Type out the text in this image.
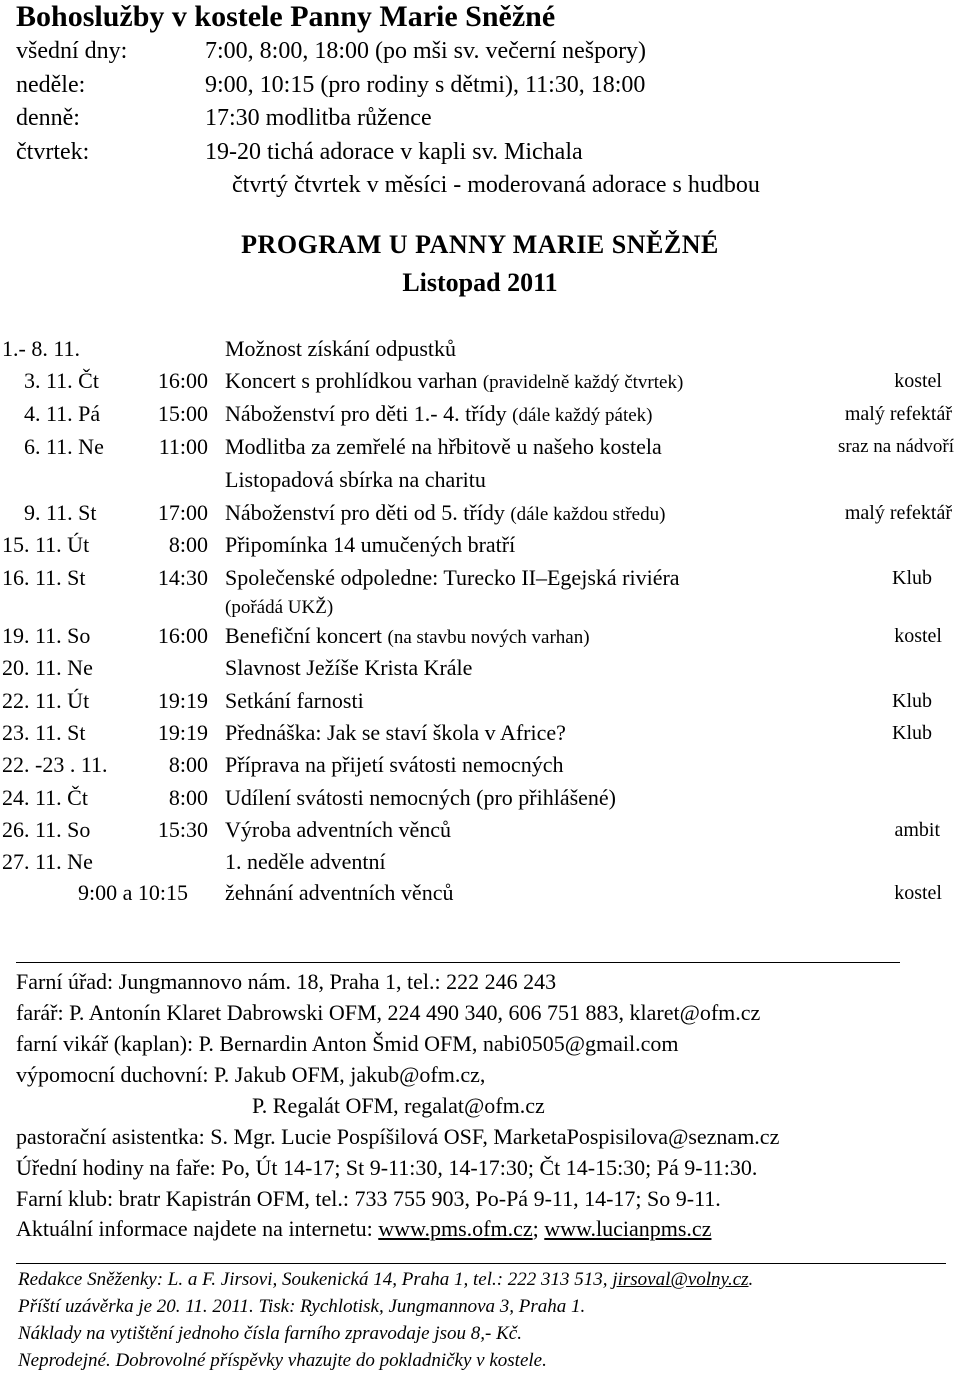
Bohoslužby v kostele Panny Marie Sněžné
všední dny:	7:00, 8:00, 18:00 (po mši sv. večerní nešpory)
neděle:	9:00, 10:15 (pro rodiny s dětmi), 11:30, 18:00
denně:	17:30 modlitba růžence
čtvrtek:	19-20 tichá adorace v kapli sv. Michala
čtvrtý čtvrtek v měsíci - moderovaná adorace s hudbou
PROGRAM U PANNY MARIE SNĚŽNÉ
Listopad 2011
1.- 8. 11.	Možnost získání odpustků
3. 11. Čt	16:00 Koncert s prohlídkou varhan (pravidelně každý čtvrtek)	kostel
4. 11. Pá	15:00 Náboženství pro děti 1.- 4. třídy (dále každý pátek)	malý refektář
6. 11. Ne 11:00 Modlitba za zemřelé na hřbitově u našeho kostela	sraz na nádvoří
Listopadová sbírka na charitu
9. 11. St	17:00 Náboženství pro děti od 5. třídy (dále každou středu)	malý refektář
15. 11. Út	8:00 Připomínka 14 umučených bratří
16. 11. St	14:30 Společenské odpoledne: Turecko II–Egejská riviéra	Klub
(pořádá UKŽ)
19. 11. So	16:00 Benefiční koncert (na stavbu nových varhan)	kostel
20. 11. Ne	Slavnost Ježíše Krista Krále
22. 11. Út	19:19 Setkání farnosti	Klub
23. 11. St	19:19 Přednáška: Jak se staví škola v Africe?	Klub
22. -23 . 11.	8:00 Příprava na přijetí svátosti nemocných
24. 11. Čt	8:00 Udílení svátosti nemocných (pro přihlášené)
26. 11. So	15:30 Výroba adventních věnců	ambit
27. 11. Ne	1. neděle adventní
9:00 a 10:15 žehnání adventních věnců	kostel
Farní úřad: Jungmannovo nám. 18, Praha 1, tel.: 222 246 243
farář: P. Antonín Klaret Dabrowski OFM, 224 490 340, 606 751 883, klaret@ofm.cz
farní vikář (kaplan): P. Bernardin Anton Šmid OFM, nabi0505@gmail.com
výpomocní duchovní: P. Jakub OFM, jakub@ofm.cz,
P. Regalát OFM, regalat@ofm.cz
pastorační asistentka: S. Mgr. Lucie Pospíšilová OSF, MarketaPospisilova@seznam.cz
Úřední hodiny na faře: Po, Út 14-17; St 9-11:30, 14-17:30; Čt 14-15:30; Pá 9-11:30.
Farní klub: bratr Kapistrán OFM, tel.: 733 755 903, Po-Pá 9-11, 14-17; So 9-11.
Aktuální informace najdete na internetu: www.pms.ofm.cz; www.lucianpms.cz
Redakce Sněženky: L. a F. Jirsovi, Soukenická 14, Praha 1, tel.: 222 313 513, jirsoval@volny.cz.
Příští uzávěrka je 20. 11. 2011. Tisk: Rychlotisk, Jungmannova 3, Praha 1.
Náklady na vytištění jednoho čísla farního zpravodaje jsou 8,- Kč.
Neprodejné. Dobrovolné příspěvky vhazujte do pokladničky v kostele.
